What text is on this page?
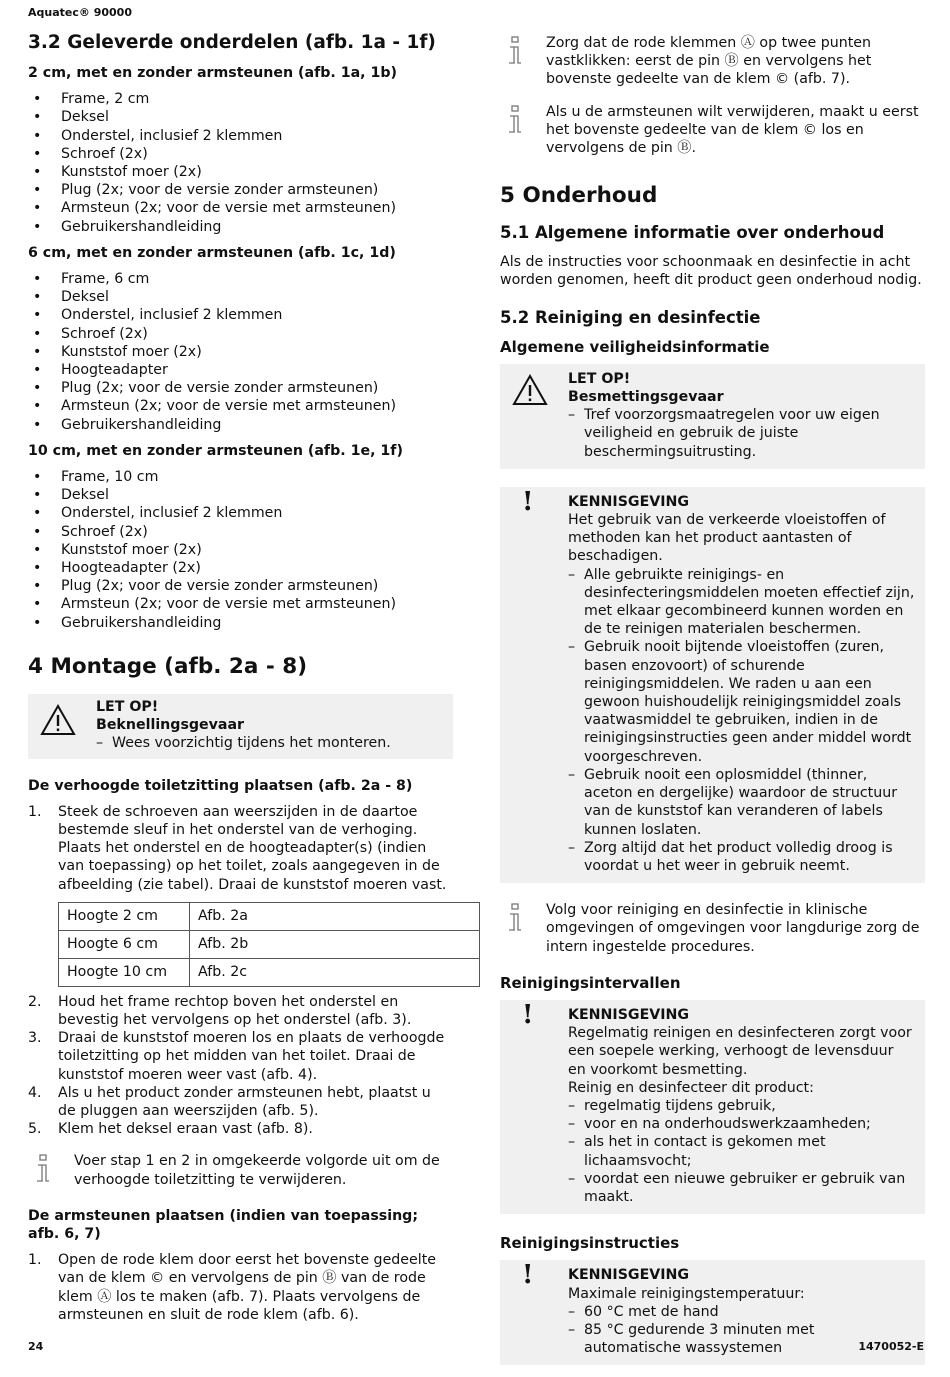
Aquatec® 90000
3.2 Geleverde onderdelen (afb. 1a - 1f)
2 cm, met en zonder armsteunen (afb. 1a, 1b)
• Frame, 2 cm
• Deksel
• Onderstel, inclusief 2 klemmen
• Schroef (2x)
• Kunststof moer (2x)
• Plug (2x; voor de versie zonder armsteunen)
• Armsteun (2x; voor de versie met armsteunen)
• Gebruikershandleiding
6 cm, met en zonder armsteunen (afb. 1c, 1d)
• Frame, 6 cm
• Deksel
• Onderstel, inclusief 2 klemmen
• Schroef (2x)
• Kunststof moer (2x)
• Hoogteadapter
• Plug (2x; voor de versie zonder armsteunen)
• Armsteun (2x; voor de versie met armsteunen)
• Gebruikershandleiding
10 cm, met en zonder armsteunen (afb. 1e, 1f)
• Frame, 10 cm
• Deksel
• Onderstel, inclusief 2 klemmen
• Schroef (2x)
• Kunststof moer (2x)
• Hoogteadapter (2x)
• Plug (2x; voor de versie zonder armsteunen)
• Armsteun (2x; voor de versie met armsteunen)
• Gebruikershandleiding
4 Montage (afb. 2a - 8)
LET OP!
Beknellingsgevaar
– Wees voorzichtig tijdens het monteren.
De verhoogde toiletzitting plaatsen (afb. 2a - 8)
1. Steek de schroeven aan weerszijden in de daartoe bestemde sleuf in het onderstel van de verhoging. Plaats het onderstel en de hoogteadapter(s) (indien van toepassing) op het toilet, zoals aangegeven in de afbeelding (zie tabel). Draai de kunststof moeren vast.
Hoogte 2 cm	Afb. 2a
Hoogte 6 cm	Afb. 2b
Hoogte 10 cm	Afb. 2c
2. Houd het frame rechtop boven het onderstel en bevestig het vervolgens op het onderstel (afb. 3).
3. Draai de kunststof moeren los en plaats de verhoogde toiletzitting op het midden van het toilet. Draai de kunststof moeren weer vast (afb. 4).
4. Als u het product zonder armsteunen hebt, plaatst u de pluggen aan weerszijden (afb. 5).
5. Klem het deksel eraan vast (afb. 8).
Voer stap 1 en 2 in omgekeerde volgorde uit om de verhoogde toiletzitting te verwijderen.
De armsteunen plaatsen (indien van toepassing; afb. 6, 7)
1. Open de rode klem door eerst het bovenste gedeelte van de klem © en vervolgens de pin Ⓑ van de rode klem Ⓐ los te maken (afb. 7). Plaats vervolgens de armsteunen en sluit de rode klem (afb. 6).
Zorg dat de rode klemmen Ⓐ op twee punten vastklikken: eerst de pin Ⓑ en vervolgens het bovenste gedeelte van de klem © (afb. 7).
Als u de armsteunen wilt verwijderen, maakt u eerst het bovenste gedeelte van de klem © los en vervolgens de pin Ⓑ.
5 Onderhoud
5.1 Algemene informatie over onderhoud

Als de instructies voor schoonmaak en desinfectie in acht worden genomen, heeft dit product geen onderhoud nodig.

5.2 Reiniging en desinfectie
Algemene veiligheidsinformatie
LET OP!
Besmettingsgevaar
– Tref voorzorgsmaatregelen voor uw eigen veiligheid en gebruik de juiste beschermingsuitrusting.
! KENNISGEVING
Het gebruik van de verkeerde vloeistoffen of methoden kan het product aantasten of beschadigen.
– Alle gebruikte reinigings- en desinfecteringsmiddelen moeten effectief zijn, met elkaar gecombineerd kunnen worden en de te reinigen materialen beschermen.
– Gebruik nooit bijtende vloeistoffen (zuren, basen enzovoort) of schurende reinigingsmiddelen. We raden u aan een gewoon huishoudelijk reinigingsmiddel zoals vaatwasmiddel te gebruiken, indien in de reinigingsinstructies geen ander middel wordt voorgeschreven.
– Gebruik nooit een oplosmiddel (thinner, aceton en dergelijke) waardoor de structuur van de kunststof kan veranderen of labels kunnen loslaten.
– Zorg altijd dat het product volledig droog is voordat u het weer in gebruik neemt.
Volg voor reiniging en desinfectie in klinische omgevingen of omgevingen voor langdurige zorg de intern ingestelde procedures.
Reinigingsintervallen
! KENNISGEVING
Regelmatig reinigen en desinfecteren zorgt voor een soepele werking, verhoogt de levensduur en voorkomt besmetting.
Reinig en desinfecteer dit product:
– regelmatig tijdens gebruik,
– voor en na onderhoudswerkzaamheden;
– als het in contact is gekomen met lichaamsvocht;
– voordat een nieuwe gebruiker er gebruik van maakt.
Reinigingsinstructies
! KENNISGEVING
Maximale reinigingstemperatuur:
– 60 °C met de hand
– 85 °C gedurende 3 minuten met automatische wassystemen
24	1470052-E
